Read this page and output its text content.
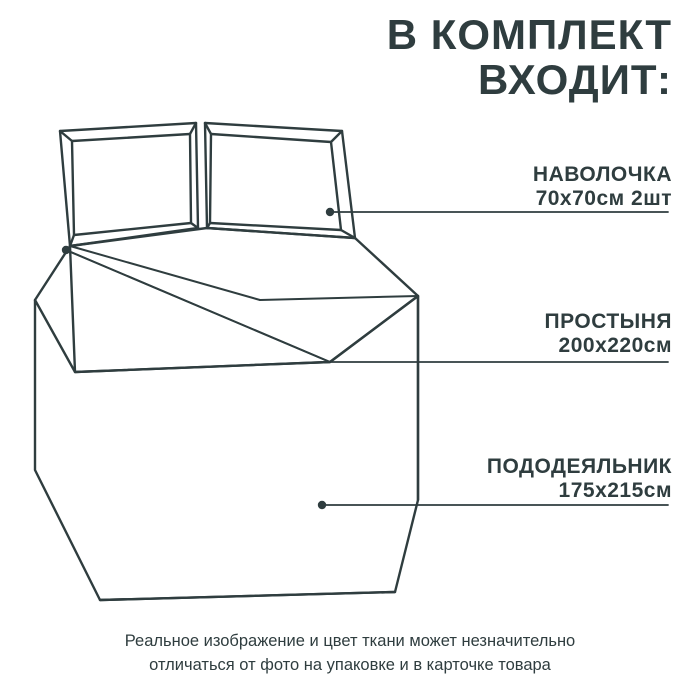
В КОМПЛЕКТ
ВХОДИТ:
НАВОЛОЧКА
70х70см 2шт
ПРОСТЫНЯ
200х220см
ПОДОДЕЯЛЬНИК
175х215см
Реальное изображение и цвет ткани может незначительно
отличаться от фото на упаковке и в карточке товара
